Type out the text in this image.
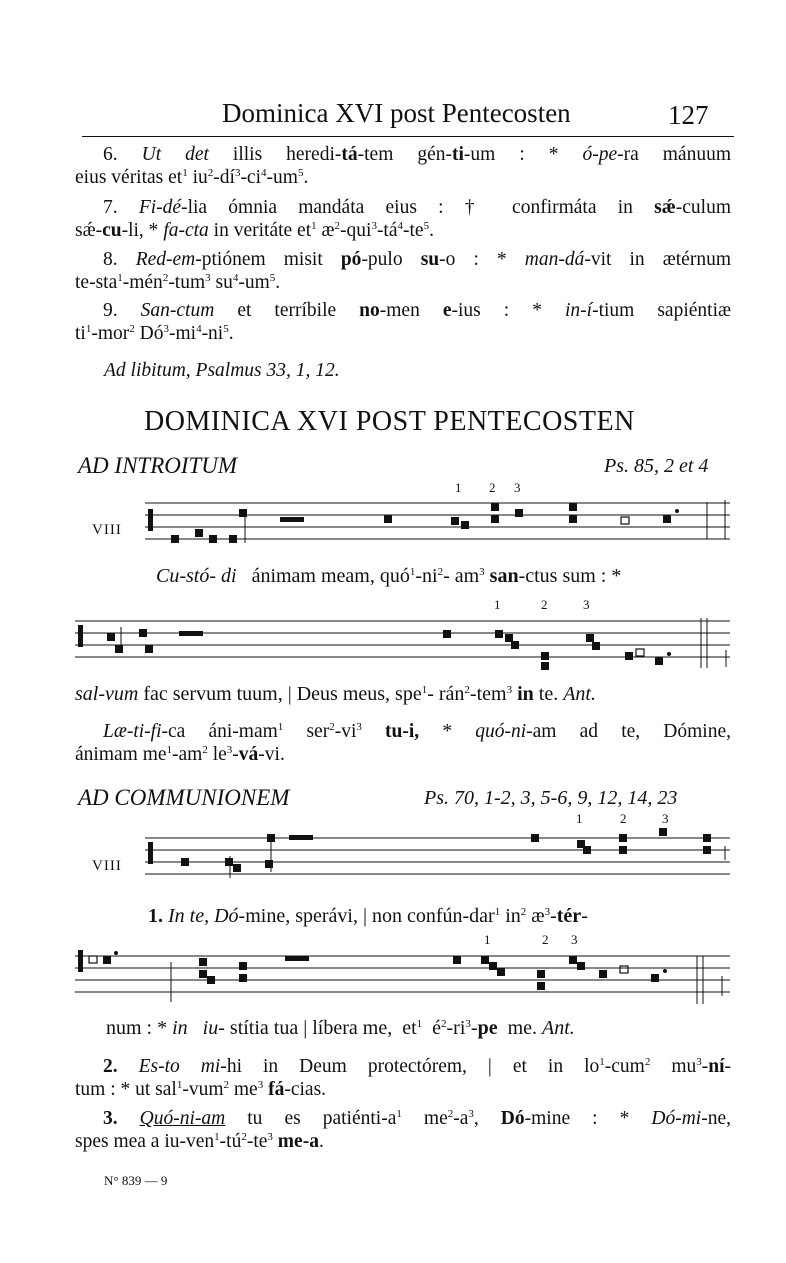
Dominica XVI post Pentecosten	127
6. Ut det illis heredi-tá-tem gén-ti-um : * ó-pe-ra mánuum
eius véritas $et^1$ $iu^2-dí^3-ci^4-um^5$.
7. Fi-dé-lia ómnia mandáta eius : † confirmáta in sǽ-culum
sǽ-cu-li, * fa-cta in veritáte $et^1$ $æ^2-qui^3-tá^4-te^5$.
8. Red-em-ptiónem misit pó-pulo su-o : * man-dá-vit in ætérnum
te-sta$^1$-mén$^2$-tum$^3$ $su^4-um^5$.
9. San-ctum et terríbile no-men e-ius : * in-í-tium sapiéntiæ
$ti^1-mor^2$ $Dó^3-mi^4-ni^5$.
Ad libitum, Psalmus 33, 1, 12.
DOMINICA XVI POST PENTECOSTEN
AD INTROITUM	Ps. 85, 2 et 4
1 2 3
VIII
Cu-stó- di   ánimam meam, $quó^1-ni^2-$ $am^3$ san-ctus sum : *
1	2	3
sal-vum fac servum tuum, | Deus meus, spe$^1$- rán$^2$-tem$^3$ in te. Ant.
Læ-ti-fi-ca áni-mam$^1$ $ser^2-vi^3$ tu-i, * quó-ni-am ad te, Dómine,
ánimam $me^1-am^2$ $le^3-vá-vi$.
AD COMMUNIONEM	Ps. 70, 1-2, 3, 5-6, 9, 12, 14, 23
1	2	3
VIII
1. In te, Dó-mine, sperávi, | non confún-dar$^1$ $in^2$ $æ^3-tér-$
1	2 3
num : * in   iu- stítia tua | líbera me,  $et^1$  $é^2-ri^3-pe$  me. Ant.
2. Es-to mi-hi in Deum protectórem, | et in $lo^1-cum^2$ $mu^3-ní-$
tum : * ut sal$^1$-vum$^2$ $me^3$ fá-cias.
3. Quó-ni-am tu es patiénti-$a^1$ $me^2-a^3$, Dó-mine : * Dó-mi-ne,
spes mea a $iu-ven^1-tú^2-te^3$ me-a.
N° 839 — 9
